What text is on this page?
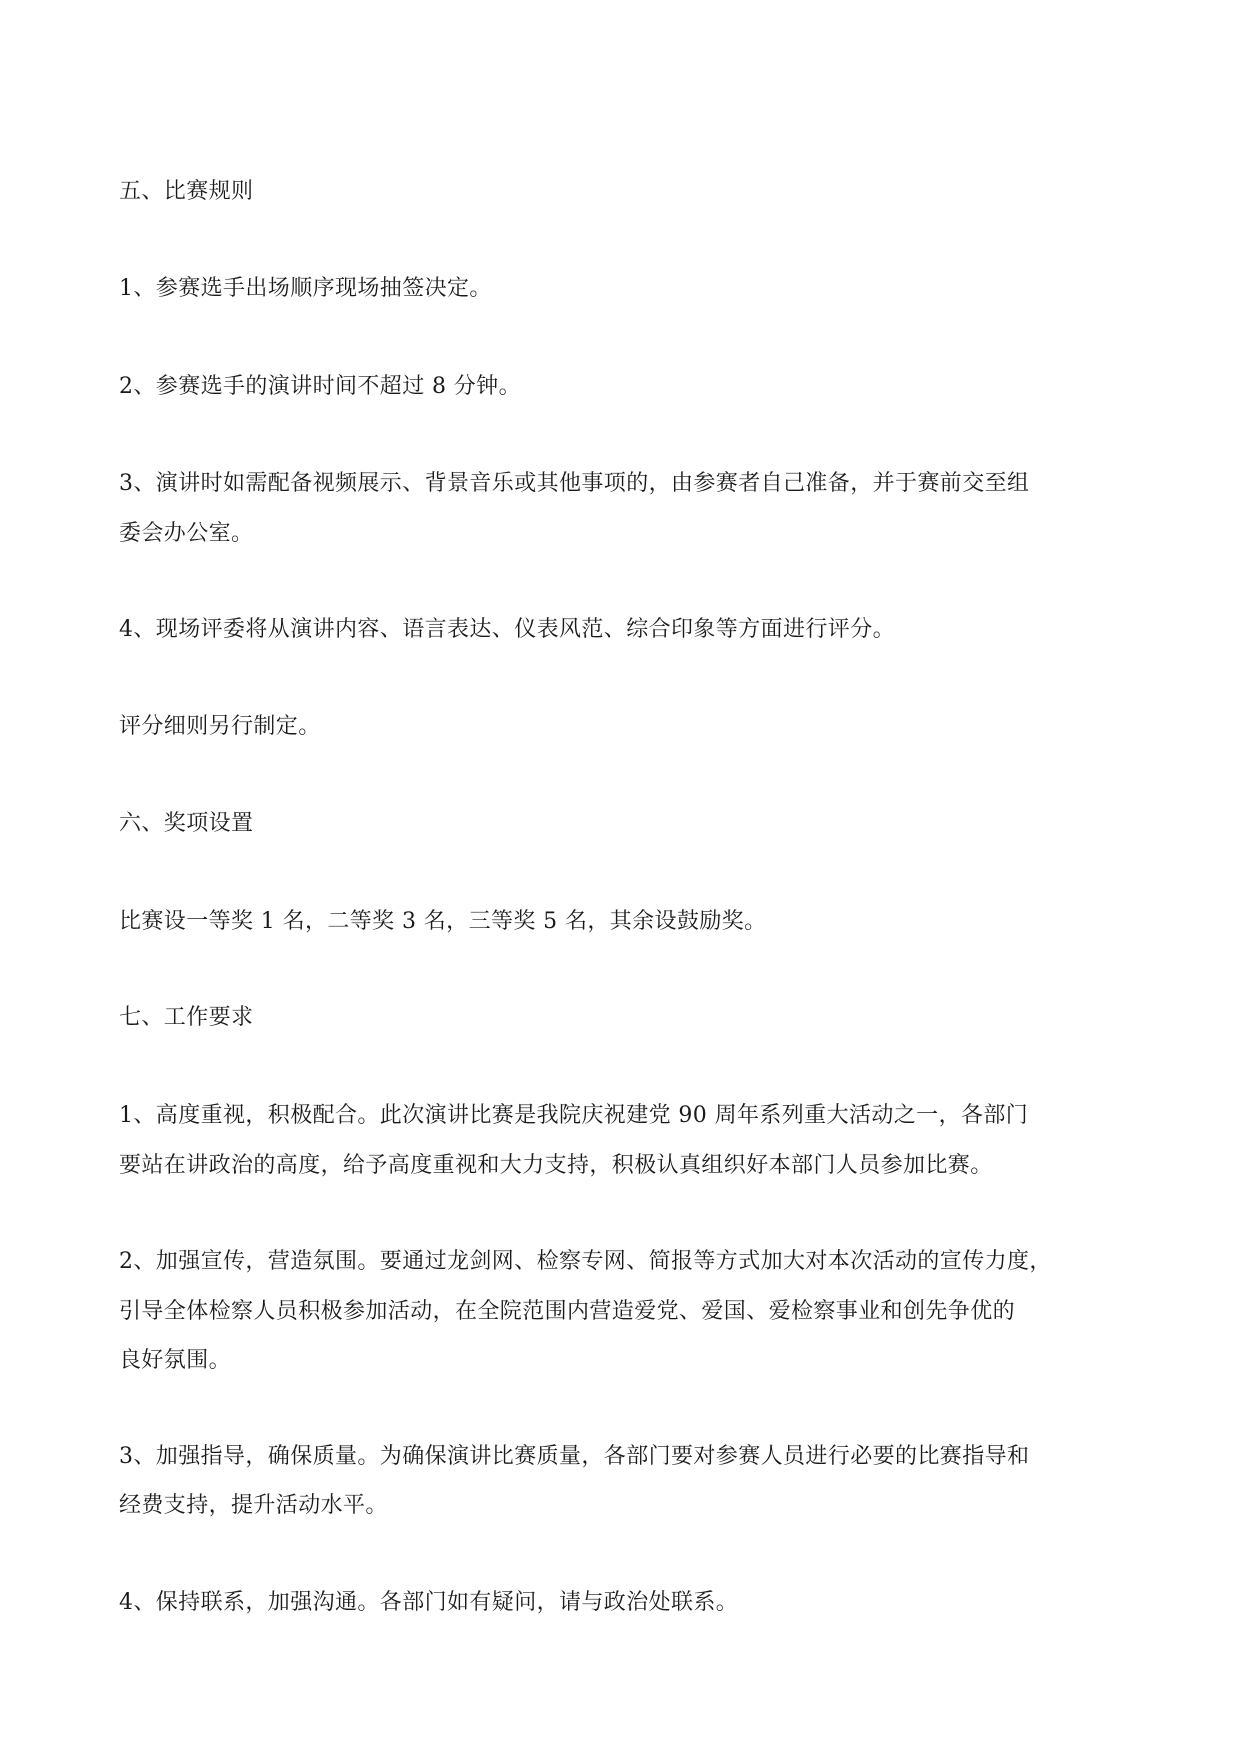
五、比赛规则
1、参赛选手出场顺序现场抽签决定。
2、参赛选手的演讲时间不超过 8 分钟。
3、演讲时如需配备视频展示、背景音乐或其他事项的，由参赛者自己准备，并于赛前交至组
委会办公室。
4、现场评委将从演讲内容、语言表达、仪表风范、综合印象等方面进行评分。
评分细则另行制定。
六、奖项设置
比赛设一等奖 1 名，二等奖 3 名，三等奖 5 名，其余设鼓励奖。
七、工作要求
1、高度重视，积极配合。此次演讲比赛是我院庆祝建党 90 周年系列重大活动之一，各部门
要站在讲政治的高度，给予高度重视和大力支持，积极认真组织好本部门人员参加比赛。
2、加强宣传，营造氛围。要通过龙剑网、检察专网、简报等方式加大对本次活动的宣传力度，
引导全体检察人员积极参加活动，在全院范围内营造爱党、爱国、爱检察事业和创先争优的
良好氛围。
3、加强指导，确保质量。为确保演讲比赛质量，各部门要对参赛人员进行必要的比赛指导和
经费支持，提升活动水平。
4、保持联系，加强沟通。各部门如有疑问，请与政治处联系。
